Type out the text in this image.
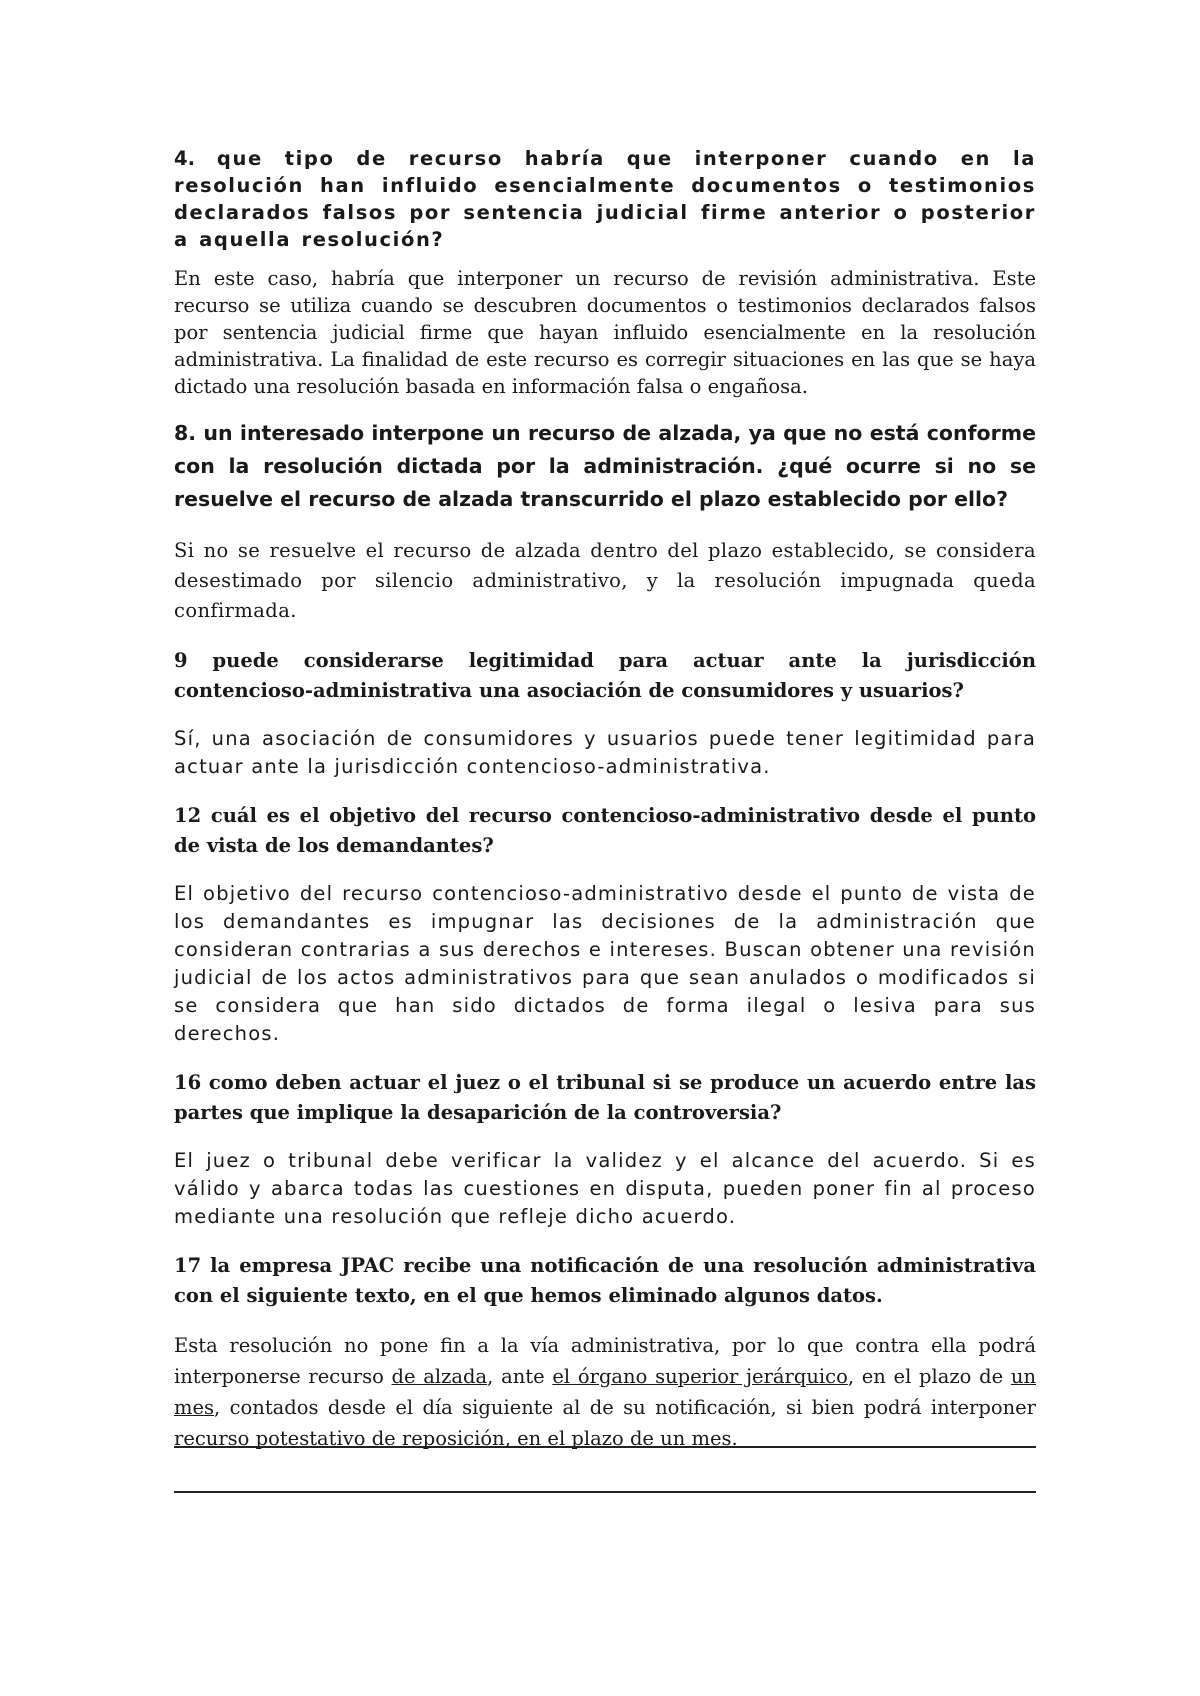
4. que tipo de recurso habría que interponer cuando en la resolución han influido esencialmente documentos o testimonios declarados falsos por sentencia judicial firme anterior o posterior a aquella resolución?

En este caso, habría que interponer un recurso de revisión administrativa. Este recurso se utiliza cuando se descubren documentos o testimonios declarados falsos por sentencia judicial firme que hayan influido esencialmente en la resolución administrativa. La finalidad de este recurso es corregir situaciones en las que se haya dictado una resolución basada en información falsa o engañosa.

8. un interesado interpone un recurso de alzada, ya que no está conforme con la resolución dictada por la administración. ¿qué ocurre si no se resuelve el recurso de alzada transcurrido el plazo establecido por ello?

Si no se resuelve el recurso de alzada dentro del plazo establecido, se considera desestimado por silencio administrativo, y la resolución impugnada queda confirmada.

9 puede considerarse legitimidad para actuar ante la jurisdicción contencioso-administrativa una asociación de consumidores y usuarios?

Sí, una asociación de consumidores y usuarios puede tener legitimidad para actuar ante la jurisdicción contencioso-administrativa.

12 cuál es el objetivo del recurso contencioso-administrativo desde el punto de vista de los demandantes?

El objetivo del recurso contencioso-administrativo desde el punto de vista de los demandantes es impugnar las decisiones de la administración que consideran contrarias a sus derechos e intereses. Buscan obtener una revisión judicial de los actos administrativos para que sean anulados o modificados si se considera que han sido dictados de forma ilegal o lesiva para sus derechos.

16 como deben actuar el juez o el tribunal si se produce un acuerdo entre las partes que implique la desaparición de la controversia?

El juez o tribunal debe verificar la validez y el alcance del acuerdo. Si es válido y abarca todas las cuestiones en disputa, pueden poner fin al proceso mediante una resolución que refleje dicho acuerdo.

17 la empresa JPAC recibe una notificación de una resolución administrativa con el siguiente texto, en el que hemos eliminado algunos datos.

Esta resolución no pone fin a la vía administrativa, por lo que contra ella podrá interponerse recurso de alzada, ante el órgano superior jerárquico, en el plazo de un mes, contados desde el día siguiente al de su notificación, si bien podrá interponer recurso potestativo de reposición, en el plazo de un mes.
